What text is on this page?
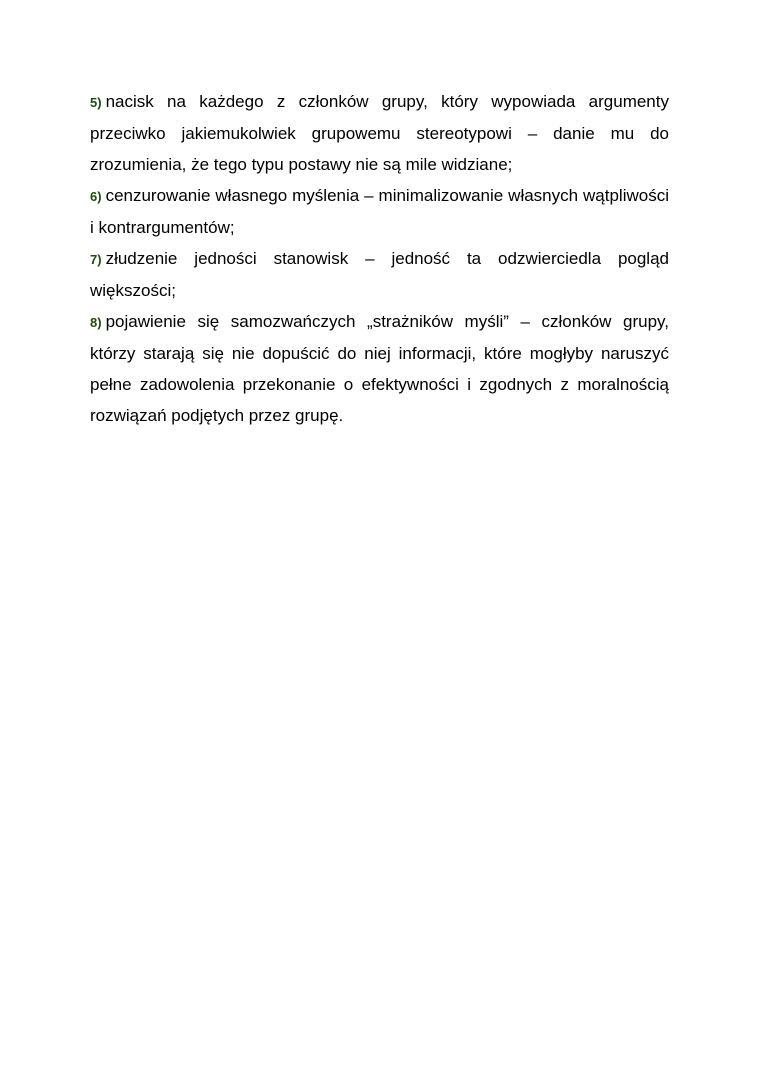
5) nacisk na każdego z członków grupy, który wypowiada argumenty przeciwko jakiemukolwiek grupowemu stereotypowi – danie mu do zrozumienia, że tego typu postawy nie są mile widziane;

6) cenzurowanie własnego myślenia – minimalizowanie własnych wątpliwości i kontrargumentów;

7) złudzenie jedności stanowisk – jedność ta odzwierciedla pogląd większości;

8) pojawienie się samozwańczych „strażników myśli” – członków grupy, którzy starają się nie dopuścić do niej informacji, które mogłyby naruszyć pełne zadowolenia przekonanie o efektywności i zgodnych z moralnością rozwiązań podjętych przez grupę.
